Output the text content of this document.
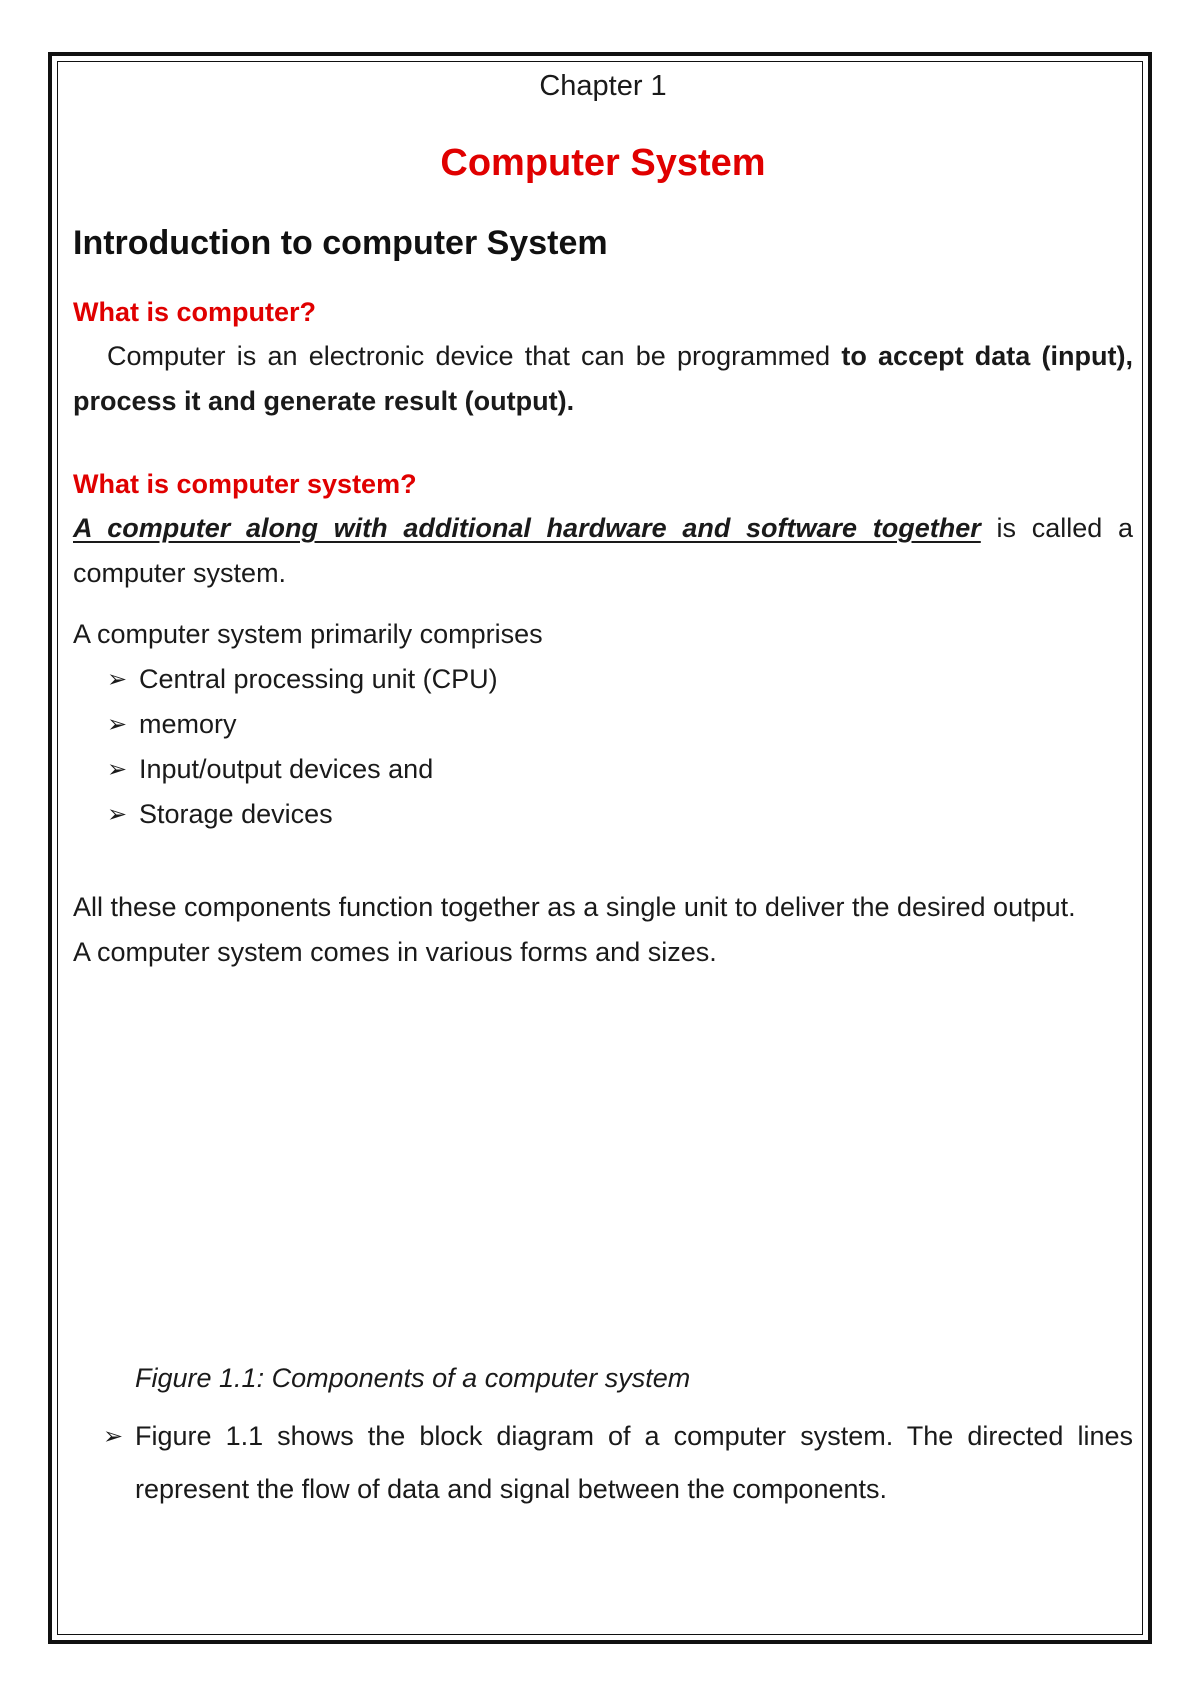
Chapter 1
Computer System
Introduction to computer System
What is computer?

Computer is an electronic device that can be programmed to accept data (input), process it and generate result (output).

What is computer system?

A computer along with additional hardware and software together is called a computer system.

A computer system primarily comprises

➢ Central processing unit (CPU)
➢ memory
➢ Input/output devices and
➢ Storage devices

All these components function together as a single unit to deliver the desired output.

A computer system comes in various forms and sizes.

Figure 1.1: Components of a computer system
➢ Figure 1.1 shows the block diagram of a computer system. The directed lines represent the flow of data and signal between the components.
